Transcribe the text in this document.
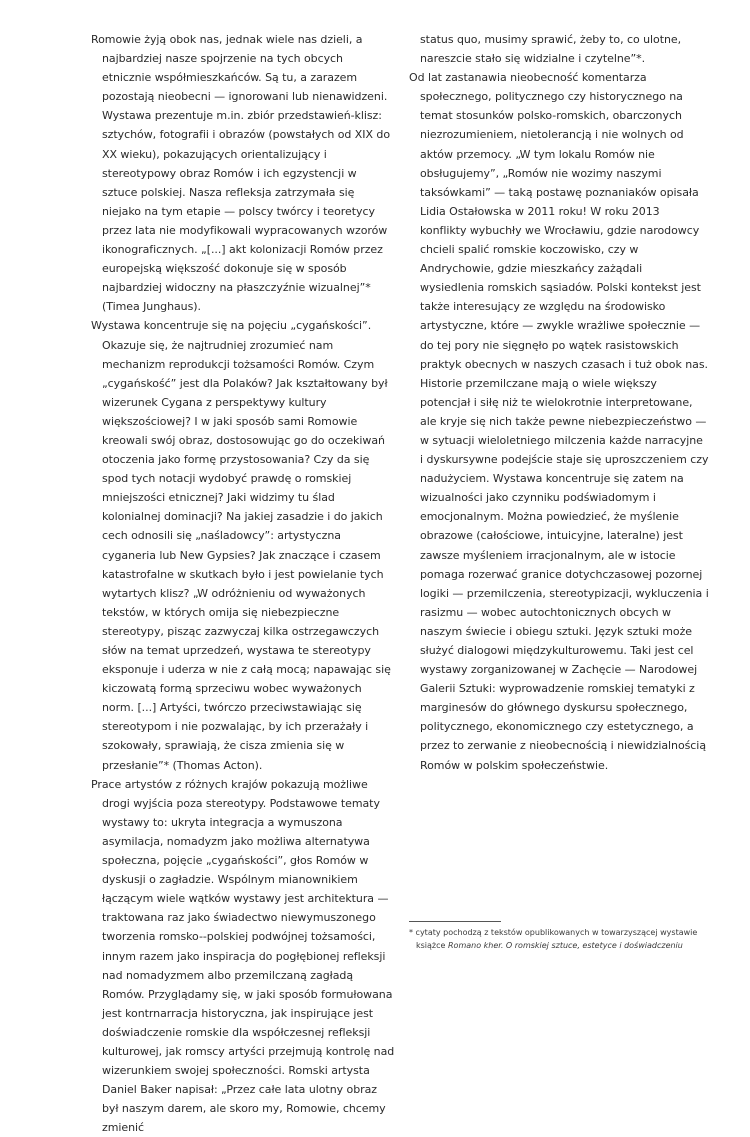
Romowie żyją obok nas, jednak wiele nas dzieli, a najbardziej nasze spojrzenie na tych obcych etnicznie współmieszkańców. Są tu, a zarazem pozostają nieobecni — ignorowani lub nienawidzeni. Wystawa prezentuje m.in. zbiór przedstawień-klisz: sztychów, fotografii i obrazów (powstałych od XIX do XX wieku), pokazujących orientalizujący i stereotypowy obraz Romów i ich egzystencji w sztuce polskiej. Nasza refleksja zatrzymała się niejako na tym etapie — polscy twórcy i teoretycy przez lata nie modyfikowali wypracowanych wzorów ikonograficznych. „[...] akt kolonizacji Romów przez europejską większość dokonuje się w sposób najbardziej widoczny na płaszczyźnie wizualnej”* (Timea Junghaus).

Wystawa koncentruje się na pojęciu „cygańskości”. Okazuje się, że najtrudniej zrozumieć nam mechanizm reprodukcji tożsamości Romów. Czym „cygańskość” jest dla Polaków? Jak kształtowany był wizerunek Cygana z perspektywy kultury większościowej? I w jaki sposób sami Romowie kreowali swój obraz, dostosowując go do oczekiwań otoczenia jako formę przystosowania? Czy da się spod tych notacji wydobyć prawdę o romskiej mniejszości etnicznej? Jaki widzimy tu ślad kolonialnej dominacji? Na jakiej zasadzie i do jakich cech odnosili się „naśladowcy”: artystyczna cyganeria lub New Gypsies? Jak znaczące i czasem katastrofalne w skutkach było i jest powielanie tych wytartych klisz? „W odróżnieniu od wyważonych tekstów, w których omija się niebezpieczne stereotypy, pisząc zazwyczaj kilka ostrzegawczych słów na temat uprzedzeń, wystawa te stereotypy eksponuje i uderza w nie z całą mocą; napawając się kiczowatą formą sprzeciwu wobec wyważonych norm. [...] Artyści, twórczo przeciwstawiając się stereotypom i nie pozwalając, by ich przerażały i szokowały, sprawiają, że cisza zmienia się w przesłanie”* (Thomas Acton).

Prace artystów z różnych krajów pokazują możliwe drogi wyjścia poza stereotypy. Podstawowe tematy wystawy to: ukryta integracja a wymuszona asymilacja, nomadyzm jako możliwa alternatywa społeczna, pojęcie „cygańskości”, głos Romów w dyskusji o zagładzie. Wspólnym mianownikiem łączącym wiele wątków wystawy jest architektura — traktowana raz jako świadectwo niewymuszonego tworzenia romsko--polskiej podwójnej tożsamości, innym razem jako inspiracja do pogłębionej refleksji nad nomadyzmem albo przemilczaną zagładą Romów. Przyglądamy się, w jaki sposób formułowana jest kontrnarracja historyczna, jak inspirujące jest doświadczenie romskie dla współczesnej refleksji kulturowej, jak romscy artyści przejmują kontrolę nad wizerunkiem swojej społeczności. Romski artysta Daniel Baker napisał: „Przez całe lata ulotny obraz był naszym darem, ale skoro my, Romowie, chcemy zmienić

status quo, musimy sprawić, żeby to, co ulotne, nareszcie stało się widzialne i czytelne”*.

Od lat zastanawia nieobecność komentarza społecznego, politycznego czy historycznego na temat stosunków polsko-romskich, obarczonych niezrozumieniem, nietolerancją i nie wolnych od aktów przemocy. „W tym lokalu Romów nie obsługujemy”, „Romów nie wozimy naszymi taksówkami” — taką postawę poznaniaków opisała Lidia Ostałowska w 2011 roku! W roku 2013 konflikty wybuchły we Wrocławiu, gdzie narodowcy chcieli spalić romskie koczowisko, czy w Andrychowie, gdzie mieszkańcy zażądali wysiedlenia romskich sąsiadów. Polski kontekst jest także interesujący ze względu na środowisko artystyczne, które — zwykle wrażliwe społecznie — do tej pory nie sięgnęło po wątek rasistowskich praktyk obecnych w naszych czasach i tuż obok nas. Historie przemilczane mają o wiele większy potencjał i siłę niż te wielokrotnie interpretowane, ale kryje się nich także pewne niebezpieczeństwo — w sytuacji wieloletniego milczenia każde narracyjne i dyskursywne podejście staje się uproszczeniem czy nadużyciem. Wystawa koncentruje się zatem na wizualności jako czynniku podświadomym i emocjonalnym. Można powiedzieć, że myślenie obrazowe (całościowe, intuicyjne, lateralne) jest zawsze myśleniem irracjonalnym, ale w istocie pomaga rozerwać granice dotychczasowej pozornej logiki — przemilczenia, stereotypizacji, wykluczenia i rasizmu — wobec autochtonicznych obcych w naszym świecie i obiegu sztuki. Język sztuki może służyć dialogowi międzykulturowemu. Taki jest cel wystawy zorganizowanej w Zachęcie — Narodowej Galerii Sztuki: wyprowadzenie romskiej tematyki z marginesów do głównego dyskursu społecznego, politycznego, ekonomicznego czy estetycznego, a przez to zerwanie z nieobecnością i niewidzialnością Romów w polskim społeczeństwie.

* cytaty pochodzą z tekstów opublikowanych w towarzyszącej wystawie książce Romano kher. O romskiej sztuce, estetyce i doświadczeniu
